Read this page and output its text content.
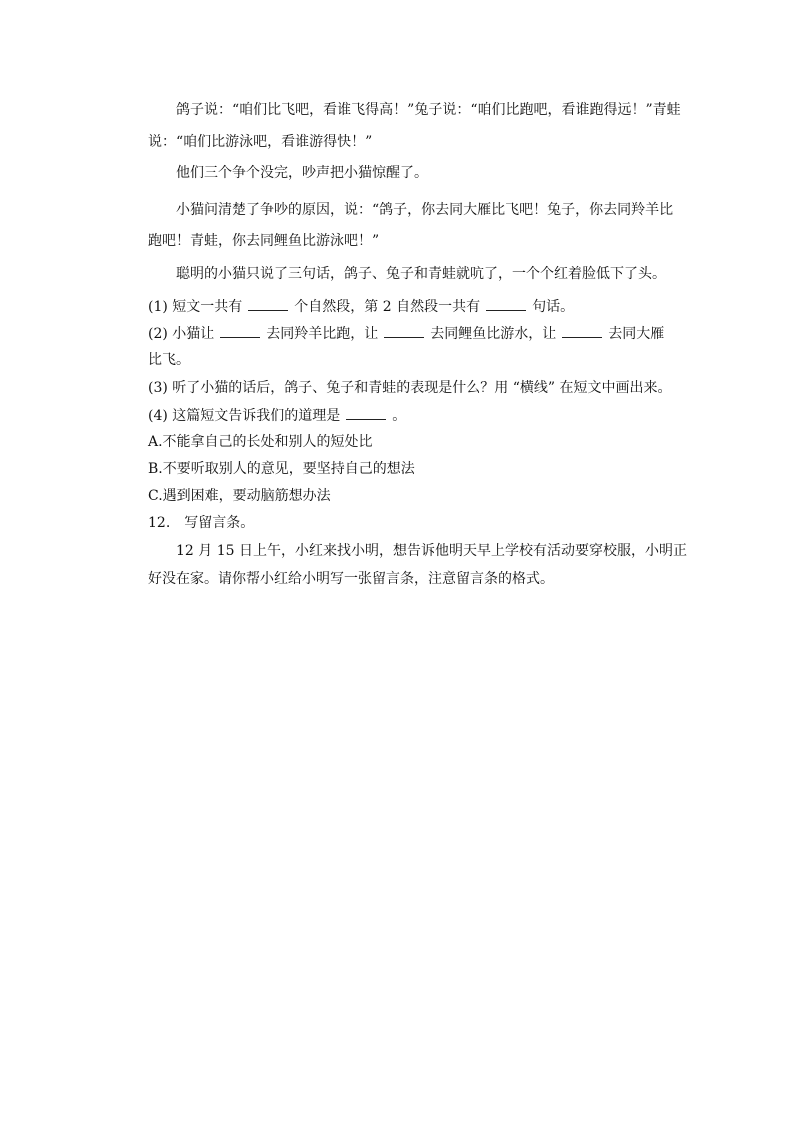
鸽子说：“咱们比飞吧，看谁飞得高！”兔子说：“咱们比跑吧，看谁跑得远！”青蛙
说：“咱们比游泳吧，看谁游得快！”
他们三个争个没完，吵声把小猫惊醒了。
小猫问清楚了争吵的原因，说：“鸽子，你去同大雁比飞吧！兔子，你去同羚羊比
跑吧！青蛙，你去同鲤鱼比游泳吧！”
聪明的小猫只说了三句话，鸽子、兔子和青蛙就吭了，一个个红着脸低下了头。
(1) 短文一共有	个自然段，第 2 自然段一共有	句话。
(2) 小猫让	去同羚羊比跑，让	去同鲤鱼比游水，让	去同大雁
比飞。
(3) 听了小猫的话后，鸽子、兔子和青蛙的表现是什么？用 “横线” 在短文中画出来。
(4) 这篇短文告诉我们的道理是	。
A.不能拿自己的长处和别人的短处比
B.不要听取别人的意见，要坚持自己的想法
C.遇到困难，要动脑筋想办法
12.　写留言条。
12 月 15 日上午，小红来找小明，想告诉他明天早上学校有活动要穿校服，小明正
好没在家。请你帮小红给小明写一张留言条，注意留言条的格式。
